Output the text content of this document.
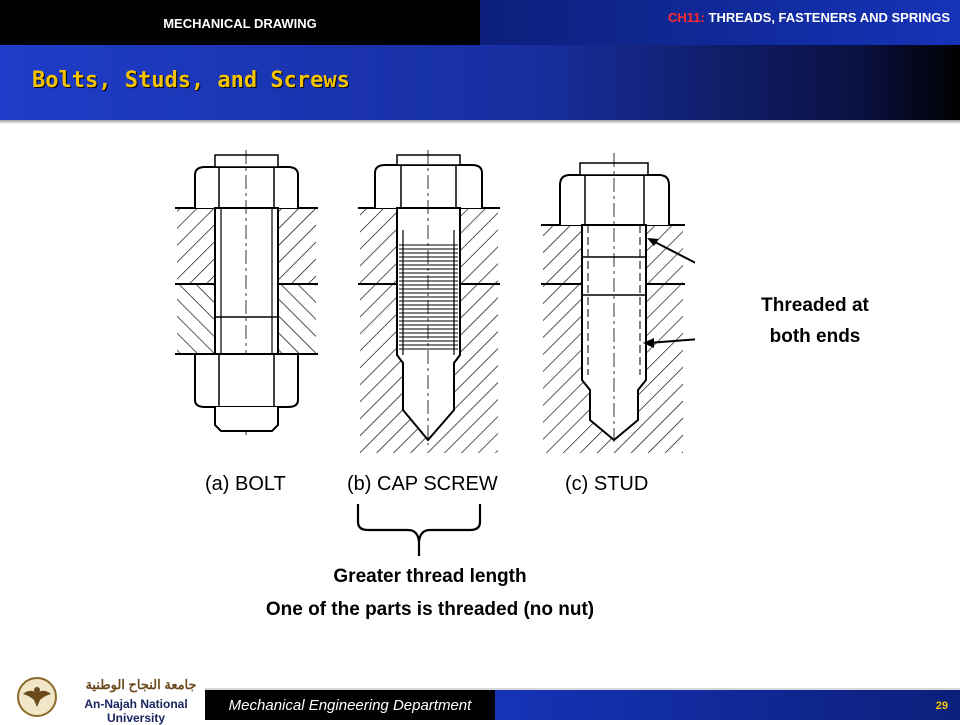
MECHANICAL DRAWING	CH11: THREADS, FASTENERS AND SPRINGS
Bolts, Studs, and Screws
(a) BOLT	(b) CAP SCREW	(c) STUD
Threaded at
both ends
Greater thread length
One of the parts is threaded (no nut)
Mechanical Engineering Department	29
جامعة النجاح الوطنية
An-Najah National University
